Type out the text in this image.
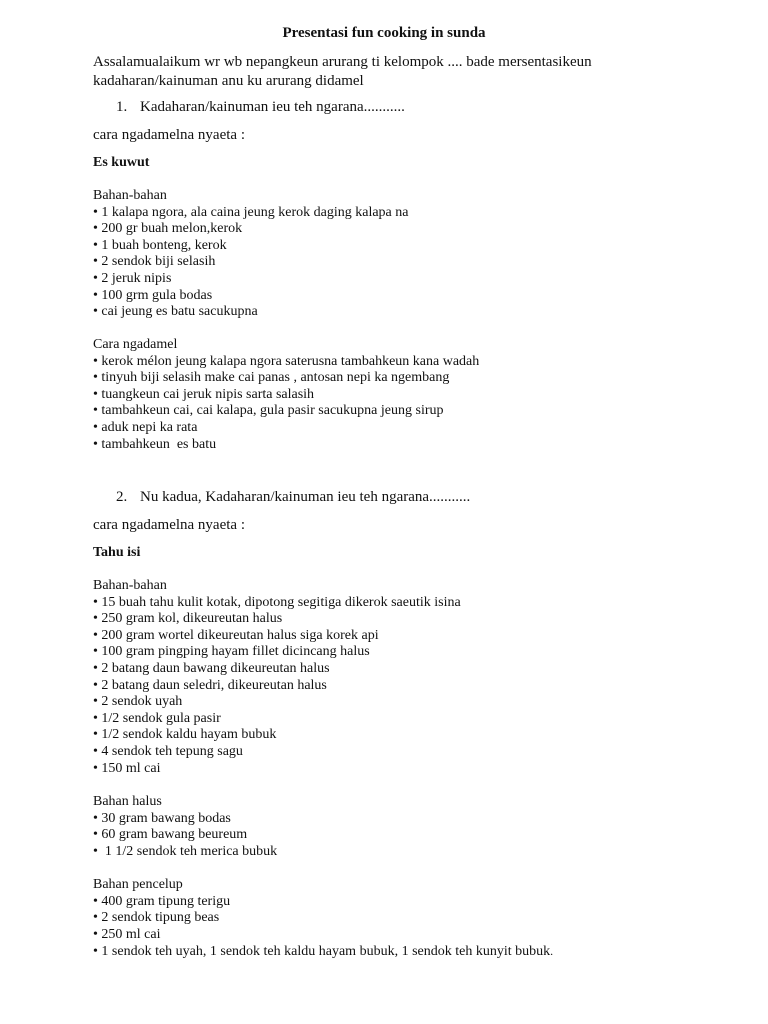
Presentasi fun cooking in sunda
Assalamualaikum wr wb nepangkeun arurang ti kelompok .... bade mersentasikeun kadaharan/kainuman anu ku arurang didamel
1. Kadaharan/kainuman ieu teh ngarana...........
cara ngadamelna nyaeta :
Es kuwut
Bahan-bahan
• 1 kalapa ngora, ala caina jeung kerok daging kalapa na
• 200 gr buah melon,kerok
• 1 buah bonteng, kerok
• 2 sendok biji selasih
• 2 jeruk nipis
• 100 grm gula bodas
• cai jeung es batu sacukupna
Cara ngadamel
• kerok mélon jeung kalapa ngora saterusna tambahkeun kana wadah
• tinyuh biji selasih make cai panas , antosan nepi ka ngembang
• tuangkeun cai jeruk nipis sarta salasih
• tambahkeun cai, cai kalapa, gula pasir sacukupna jeung sirup
• aduk nepi ka rata
• tambahkeun  es batu
2. Nu kadua, Kadaharan/kainuman ieu teh ngarana...........
cara ngadamelna nyaeta :
Tahu isi
Bahan-bahan
• 15 buah tahu kulit kotak, dipotong segitiga dikerok saeutik isina
• 250 gram kol, dikeureutan halus
• 200 gram wortel dikeureutan halus siga korek api
• 100 gram pingping hayam fillet dicincang halus
• 2 batang daun bawang dikeureutan halus
• 2 batang daun seledri, dikeureutan halus
• 2 sendok uyah
• 1/2 sendok gula pasir
• 1/2 sendok kaldu hayam bubuk
• 4 sendok teh tepung sagu
• 150 ml cai
Bahan halus
• 30 gram bawang bodas
• 60 gram bawang beureum
•  1 1/2 sendok teh merica bubuk
Bahan pencelup
• 400 gram tipung terigu
• 2 sendok tipung beas
• 250 ml cai
• 1 sendok teh uyah, 1 sendok teh kaldu hayam bubuk, 1 sendok teh kunyit bubuk.
